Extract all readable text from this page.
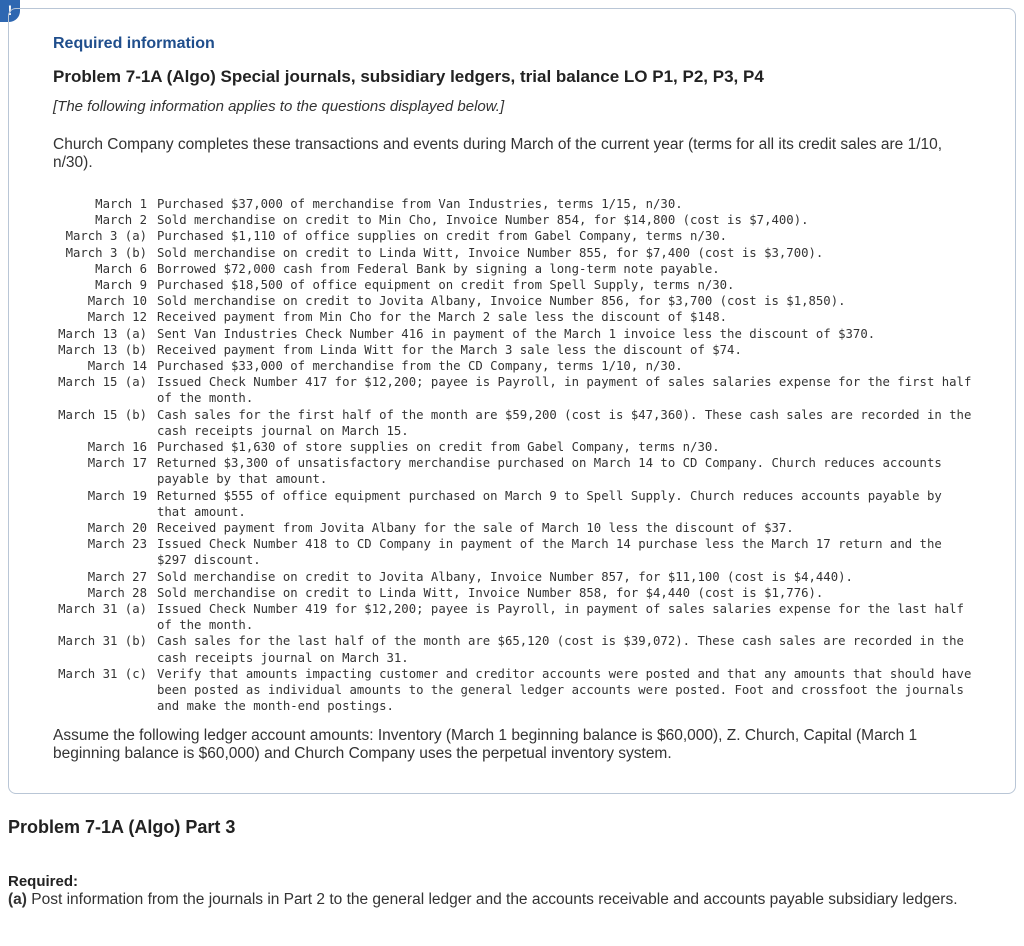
!
Required information
Problem 7-1A (Algo) Special journals, subsidiary ledgers, trial balance LO P1, P2, P3, P4
[The following information applies to the questions displayed below.]
Church Company completes these transactions and events during March of the current year (terms for all its credit sales are 1/10, n/30).
March 1 Purchased $37,000 of merchandise from Van Industries, terms 1/15, n/30.
March 2 Sold merchandise on credit to Min Cho, Invoice Number 854, for $14,800 (cost is $7,400).
March 3 (a) Purchased $1,110 of office supplies on credit from Gabel Company, terms n/30.
March 3 (b) Sold merchandise on credit to Linda Witt, Invoice Number 855, for $7,400 (cost is $3,700).
March 6 Borrowed $72,000 cash from Federal Bank by signing a long-term note payable.
March 9 Purchased $18,500 of office equipment on credit from Spell Supply, terms n/30.
March 10 Sold merchandise on credit to Jovita Albany, Invoice Number 856, for $3,700 (cost is $1,850).
March 12 Received payment from Min Cho for the March 2 sale less the discount of $148.
March 13 (a) Sent Van Industries Check Number 416 in payment of the March 1 invoice less the discount of $370.
March 13 (b) Received payment from Linda Witt for the March 3 sale less the discount of $74.
March 14 Purchased $33,000 of merchandise from the CD Company, terms 1/10, n/30.
March 15 (a) Issued Check Number 417 for $12,200; payee is Payroll, in payment of sales salaries expense for the first half of the month.
March 15 (b) Cash sales for the first half of the month are $59,200 (cost is $47,360). These cash sales are recorded in the cash receipts journal on March 15.
March 16 Purchased $1,630 of store supplies on credit from Gabel Company, terms n/30.
March 17 Returned $3,300 of unsatisfactory merchandise purchased on March 14 to CD Company. Church reduces accounts payable by that amount.
March 19 Returned $555 of office equipment purchased on March 9 to Spell Supply. Church reduces accounts payable by that amount.
March 20 Received payment from Jovita Albany for the sale of March 10 less the discount of $37.
March 23 Issued Check Number 418 to CD Company in payment of the March 14 purchase less the March 17 return and the $297 discount.
March 27 Sold merchandise on credit to Jovita Albany, Invoice Number 857, for $11,100 (cost is $4,440).
March 28 Sold merchandise on credit to Linda Witt, Invoice Number 858, for $4,440 (cost is $1,776).
March 31 (a) Issued Check Number 419 for $12,200; payee is Payroll, in payment of sales salaries expense for the last half of the month.
March 31 (b) Cash sales for the last half of the month are $65,120 (cost is $39,072). These cash sales are recorded in the cash receipts journal on March 31.
March 31 (c) Verify that amounts impacting customer and creditor accounts were posted and that any amounts that should have been posted as individual amounts to the general ledger accounts were posted. Foot and crossfoot the journals and make the month-end postings.
Assume the following ledger account amounts: Inventory (March 1 beginning balance is $60,000), Z. Church, Capital (March 1 beginning balance is $60,000) and Church Company uses the perpetual inventory system.
Problem 7-1A (Algo) Part 3
Required:
(a) Post information from the journals in Part 2 to the general ledger and the accounts receivable and accounts payable subsidiary ledgers.
